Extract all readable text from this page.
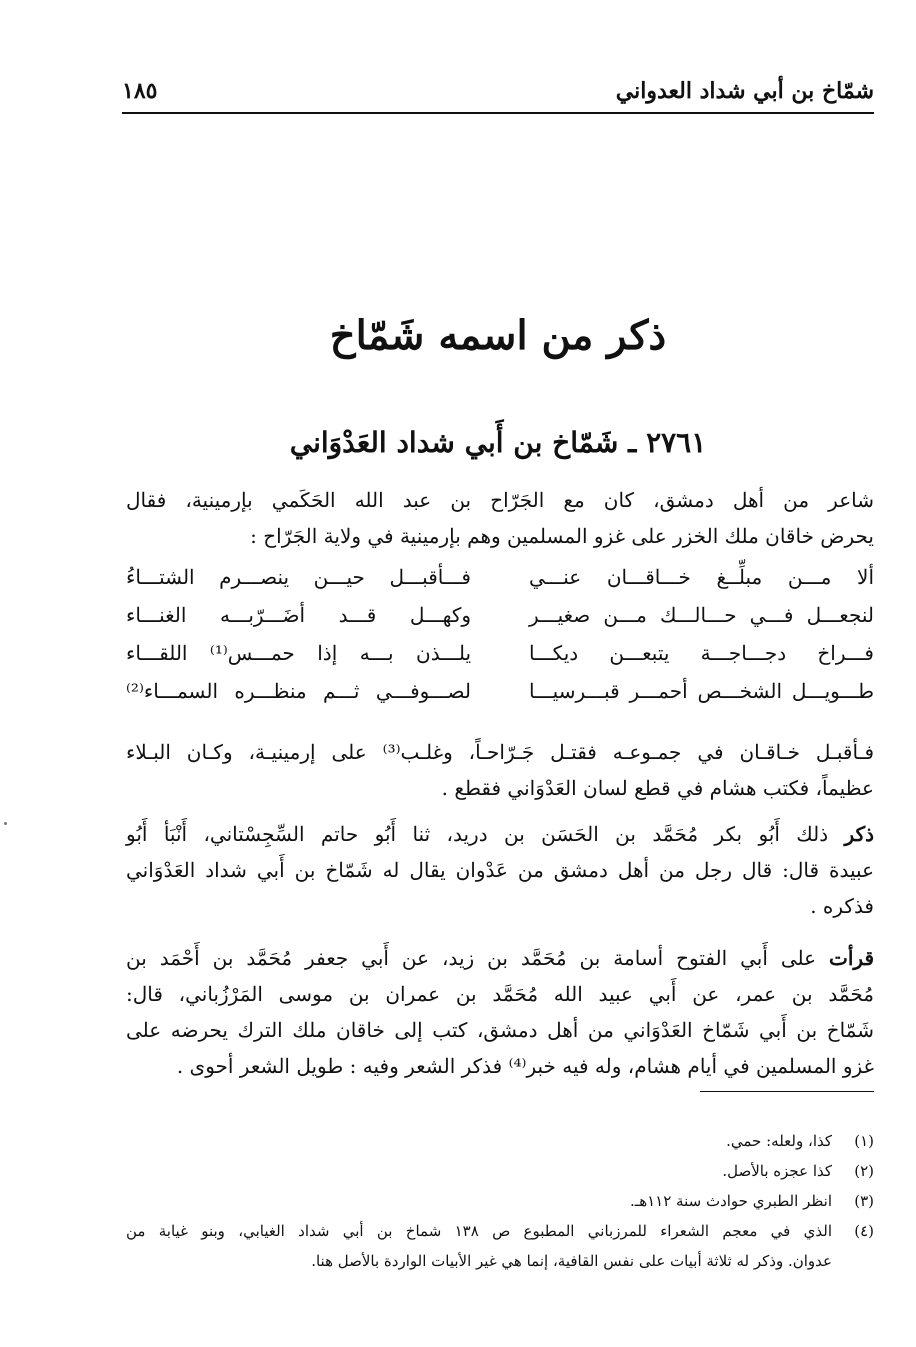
شمّاخ بن أبي شداد العدواني
١٨٥
ذكر من اسمه شَمّاخ
٢٧٦١ ـ شَمّاخ بن أَبي شداد العَدْوَاني
شاعر من أهل دمشق، كان مع الجَرّاح بن عبد الله الحَكَمي بإرمينية، فقال
يحرض خاقان ملك الخزر على غزو المسلمين وهم بإرمينية في ولاية الجَرّاح :
ألا مـــن مبلِّــغ خـــاقـــان عنـــي
فـــأقبـــل حيـــن ينصـــرم الشتـــاءُ
لنجعـــل فـــي حـــالـــك مـــن صغيـــر
وكهـــل قـــد أضَـــرّبـــه الغنـــاء
فـــراخ دجـــاجـــة يتبعـــن ديكـــا
يلـــذن بـــه إذا حمـــس⁽¹⁾ اللقـــاء
طـــويـــل الشخـــص أحمـــر قبـــرسيـــا
لصـــوفـــي ثـــم منظـــره السمـــاء⁽²⁾
فـأقبـل خـاقـان في جمـوعـه فقتـل جَـرّاحـاً، وغلـب⁽³⁾ على إرمينيـة، وكـان البـلاء
عظيماً، فكتب هشام في قطع لسان العَدْوَاني فقطع .
ذكر ذلك أَبُو بكر مُحَمَّد بن الحَسَن بن دريد، ثنا أَبُو حاتم السِّجِسْتاني، أَنْبَأ أَبُو
عبيدة قال: قال رجل من أهل دمشق من عَدْوان يقال له شَمّاخ بن أَبي شداد العَدْوَاني
فذكره .
قرأت على أَبي الفتوح أسامة بن مُحَمَّد بن زيد، عن أَبي جعفر مُحَمَّد بن أَحْمَد بن
مُحَمَّد بن عمر، عن أَبي عبيد الله مُحَمَّد بن عمران بن موسى المَرْزُباني، قال:
شَمّاخ بن أَبي شَمّاخ العَدْوَاني من أهل دمشق، كتب إلى خاقان ملك الترك يحرضه على
غزو المسلمين في أيام هشام، وله فيه خبر⁽⁴⁾ فذكر الشعر وفيه : طويل الشعر أحوى .
(١)
كذا، ولعله: حمي.
(٢)
كذا عجزه بالأصل.
(٣)
انظر الطبري حوادث سنة ١١٢هـ.
(٤)
الذي في معجم الشعراء للمرزباني المطبوع ص ١٣٨ شماخ بن أبي شداد الغيابي، وبنو غيابة من
عدوان. وذكر له ثلاثة أبيات على نفس القافية، إنما هي غير الأبيات الواردة بالأصل هنا.
